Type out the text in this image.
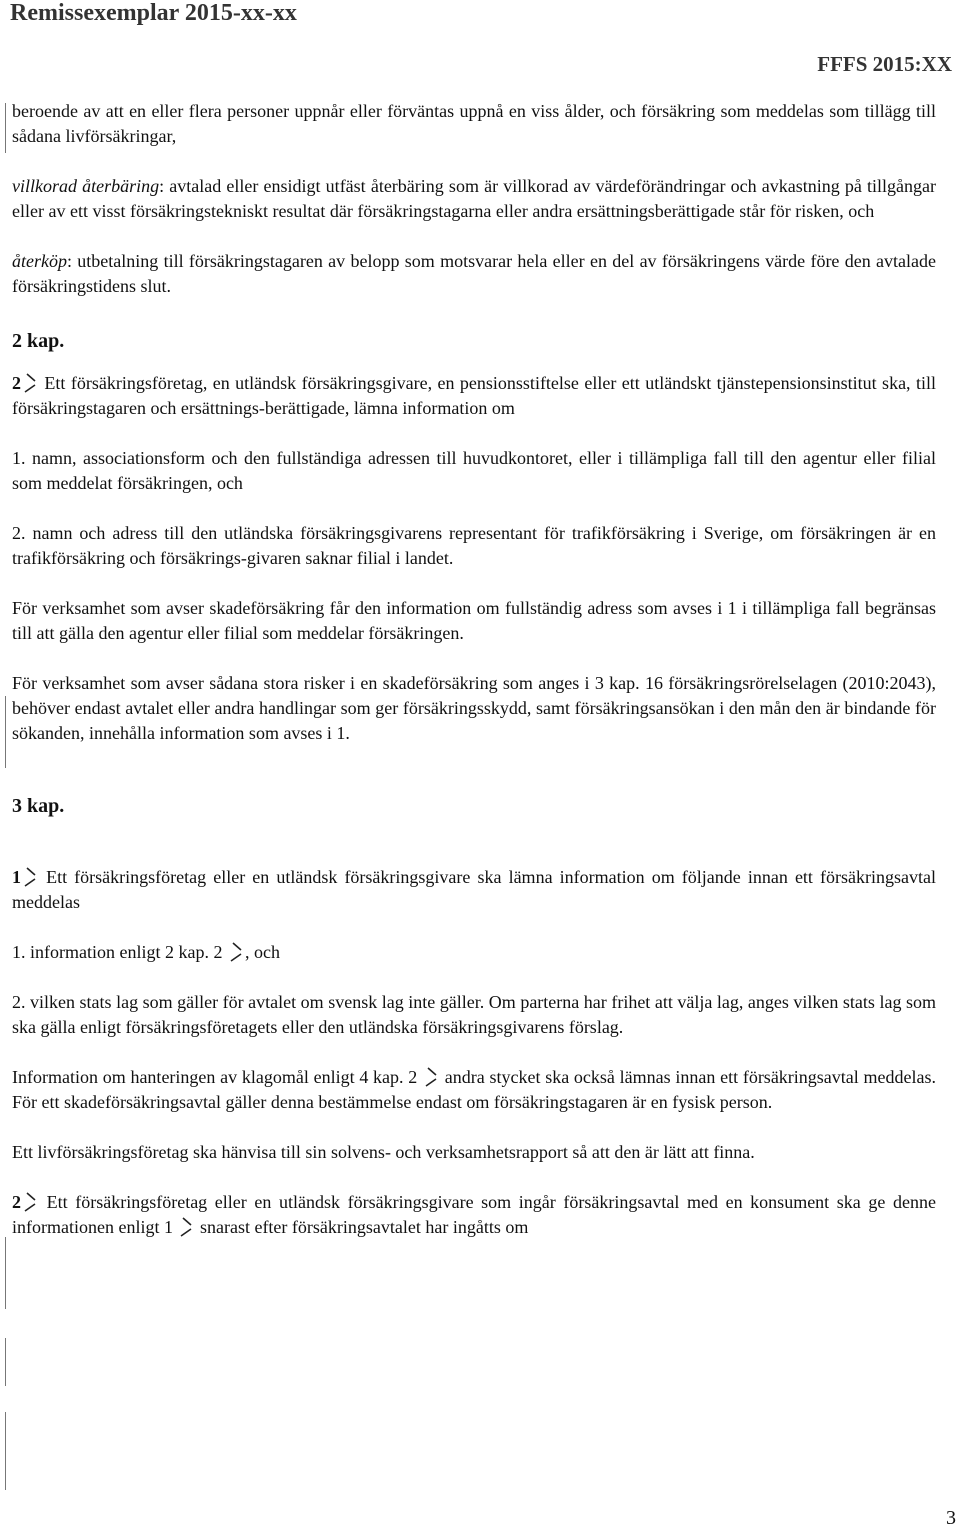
Remissexemplar 2015-xx-xx
FFFS 2015:XX

beroende av att en eller flera personer uppnår eller förväntas uppnå en viss ålder, och försäkring som meddelas som tillägg till sådana livförsäkringar,

villkorad återbäring: avtalad eller ensidigt utfäst återbäring som är villkorad av värdeförändringar och avkastning på tillgångar eller av ett visst försäkringstekniskt resultat där försäkringstagarna eller andra ersättningsberättigade står för risken, och

återköp: utbetalning till försäkringstagaren av belopp som motsvarar hela eller en del av försäkringens värde före den avtalade försäkringstidens slut.

2 kap.

2 Ett försäkringsföretag, en utländsk försäkringsgivare, en pensionsstiftelse eller ett utländskt tjänstepensionsinstitut ska, till försäkringstagaren och ersättnings-berättigade, lämna information om

1. namn, associationsform och den fullständiga adressen till huvudkontoret, eller i tillämpliga fall till den agentur eller filial som meddelat försäkringen, och

2. namn och adress till den utländska försäkringsgivarens representant för trafikförsäkring i Sverige, om försäkringen är en trafikförsäkring och försäkrings-givaren saknar filial i landet.

För verksamhet som avser skadeförsäkring får den information om fullständig adress som avses i 1 i tillämpliga fall begränsas till att gälla den agentur eller filial som meddelar försäkringen.

För verksamhet som avser sådana stora risker i en skadeförsäkring som anges i 3 kap. 16 försäkringsrörelselagen (2010:2043), behöver endast avtalet eller andra handlingar som ger försäkringsskydd, samt försäkringsansökan i den mån den är bindande för sökanden, innehålla information som avses i 1.

3 kap.

1 Ett försäkringsföretag eller en utländsk försäkringsgivare ska lämna information om följande innan ett försäkringsavtal meddelas

1. information enligt 2 kap. 2 , och

2. vilken stats lag som gäller för avtalet om svensk lag inte gäller. Om parterna har frihet att välja lag, anges vilken stats lag som ska gälla enligt försäkringsföretagets eller den utländska försäkringsgivarens förslag.

Information om hanteringen av klagomål enligt 4 kap. 2  andra stycket ska också lämnas innan ett försäkringsavtal meddelas. För ett skadeförsäkringsavtal gäller denna bestämmelse endast om försäkringstagaren är en fysisk person.

Ett livförsäkringsföretag ska hänvisa till sin solvens- och verksamhetsrapport så att den är lätt att finna.

2 Ett försäkringsföretag eller en utländsk försäkringsgivare som ingår försäkringsavtal med en konsument ska ge denne informationen enligt 1  snarast efter försäkringsavtalet har ingåtts om

3
